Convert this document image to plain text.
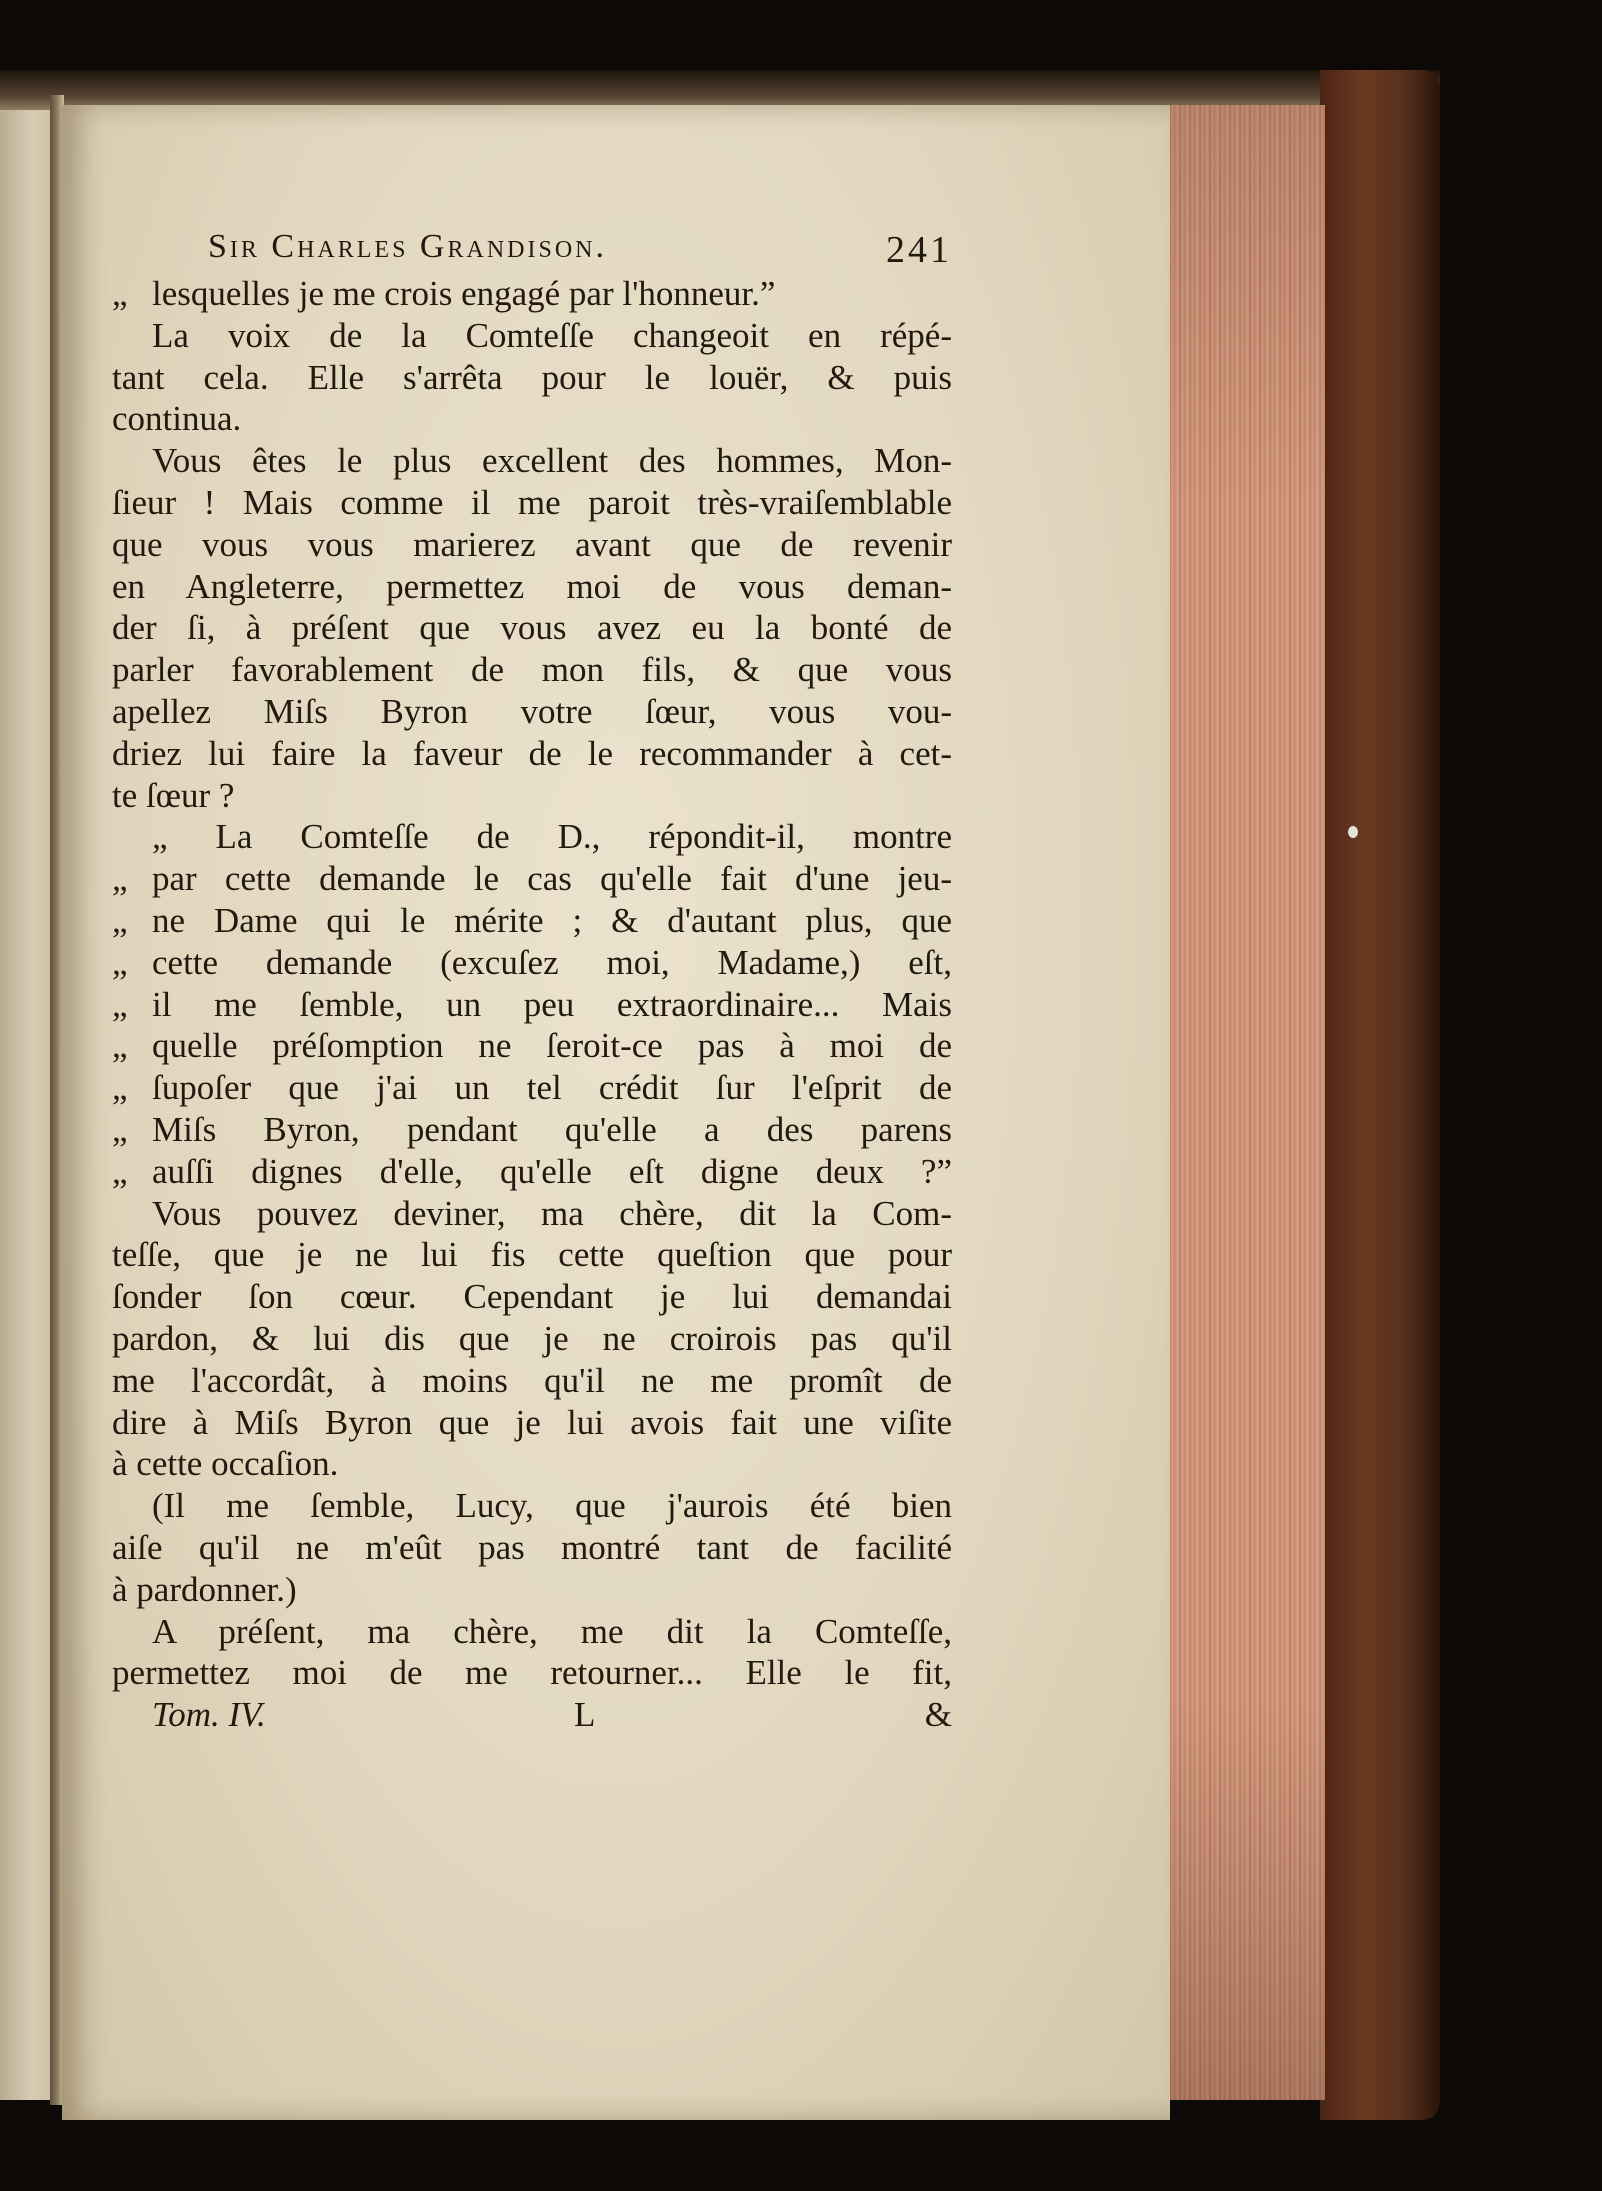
Sir Charles Grandison.	241
„ lesquelles je me crois engagé par l'honneur.”
La voix de la Comteſſe changeoit en répé-
tant cela. Elle s'arrêta pour le louër, & puis
continua.
Vous êtes le plus excellent des hommes, Mon-
ſieur ! Mais comme il me paroit très-vraiſemblable
que vous vous marierez avant que de revenir
en Angleterre, permettez moi de vous deman-
der ſi, à préſent que vous avez eu la bonté de
parler favorablement de mon fils, & que vous
apellez Miſs Byron votre ſœur, vous vou-
driez lui faire la faveur de le recommander à cet-
te ſœur ?
„ La Comteſſe de D., répondit-il, montre
„ par cette demande le cas qu'elle fait d'une jeu-
„ ne Dame qui le mérite ; & d'autant plus, que
„ cette demande (excuſez moi, Madame,) eſt,
„ il me ſemble, un peu extraordinaire... Mais
„ quelle préſomption ne ſeroit-ce pas à moi de
„ ſupoſer que j'ai un tel crédit ſur l'eſprit de
„ Miſs Byron, pendant qu'elle a des parens
„ auſſi dignes d'elle, qu'elle eſt digne deux ?”
Vous pouvez deviner, ma chère, dit la Com-
teſſe, que je ne lui fis cette queſtion que pour
ſonder ſon cœur. Cependant je lui demandai
pardon, & lui dis que je ne croirois pas qu'il
me l'accordât, à moins qu'il ne me promît de
dire à Miſs Byron que je lui avois fait une viſite
à cette occaſion.
(Il me ſemble, Lucy, que j'aurois été bien
aiſe qu'il ne m'eût pas montré tant de facilité
à pardonner.)
A préſent, ma chère, me dit la Comteſſe,
permettez moi de me retourner... Elle le fit,
Tom. IV.	L	&
